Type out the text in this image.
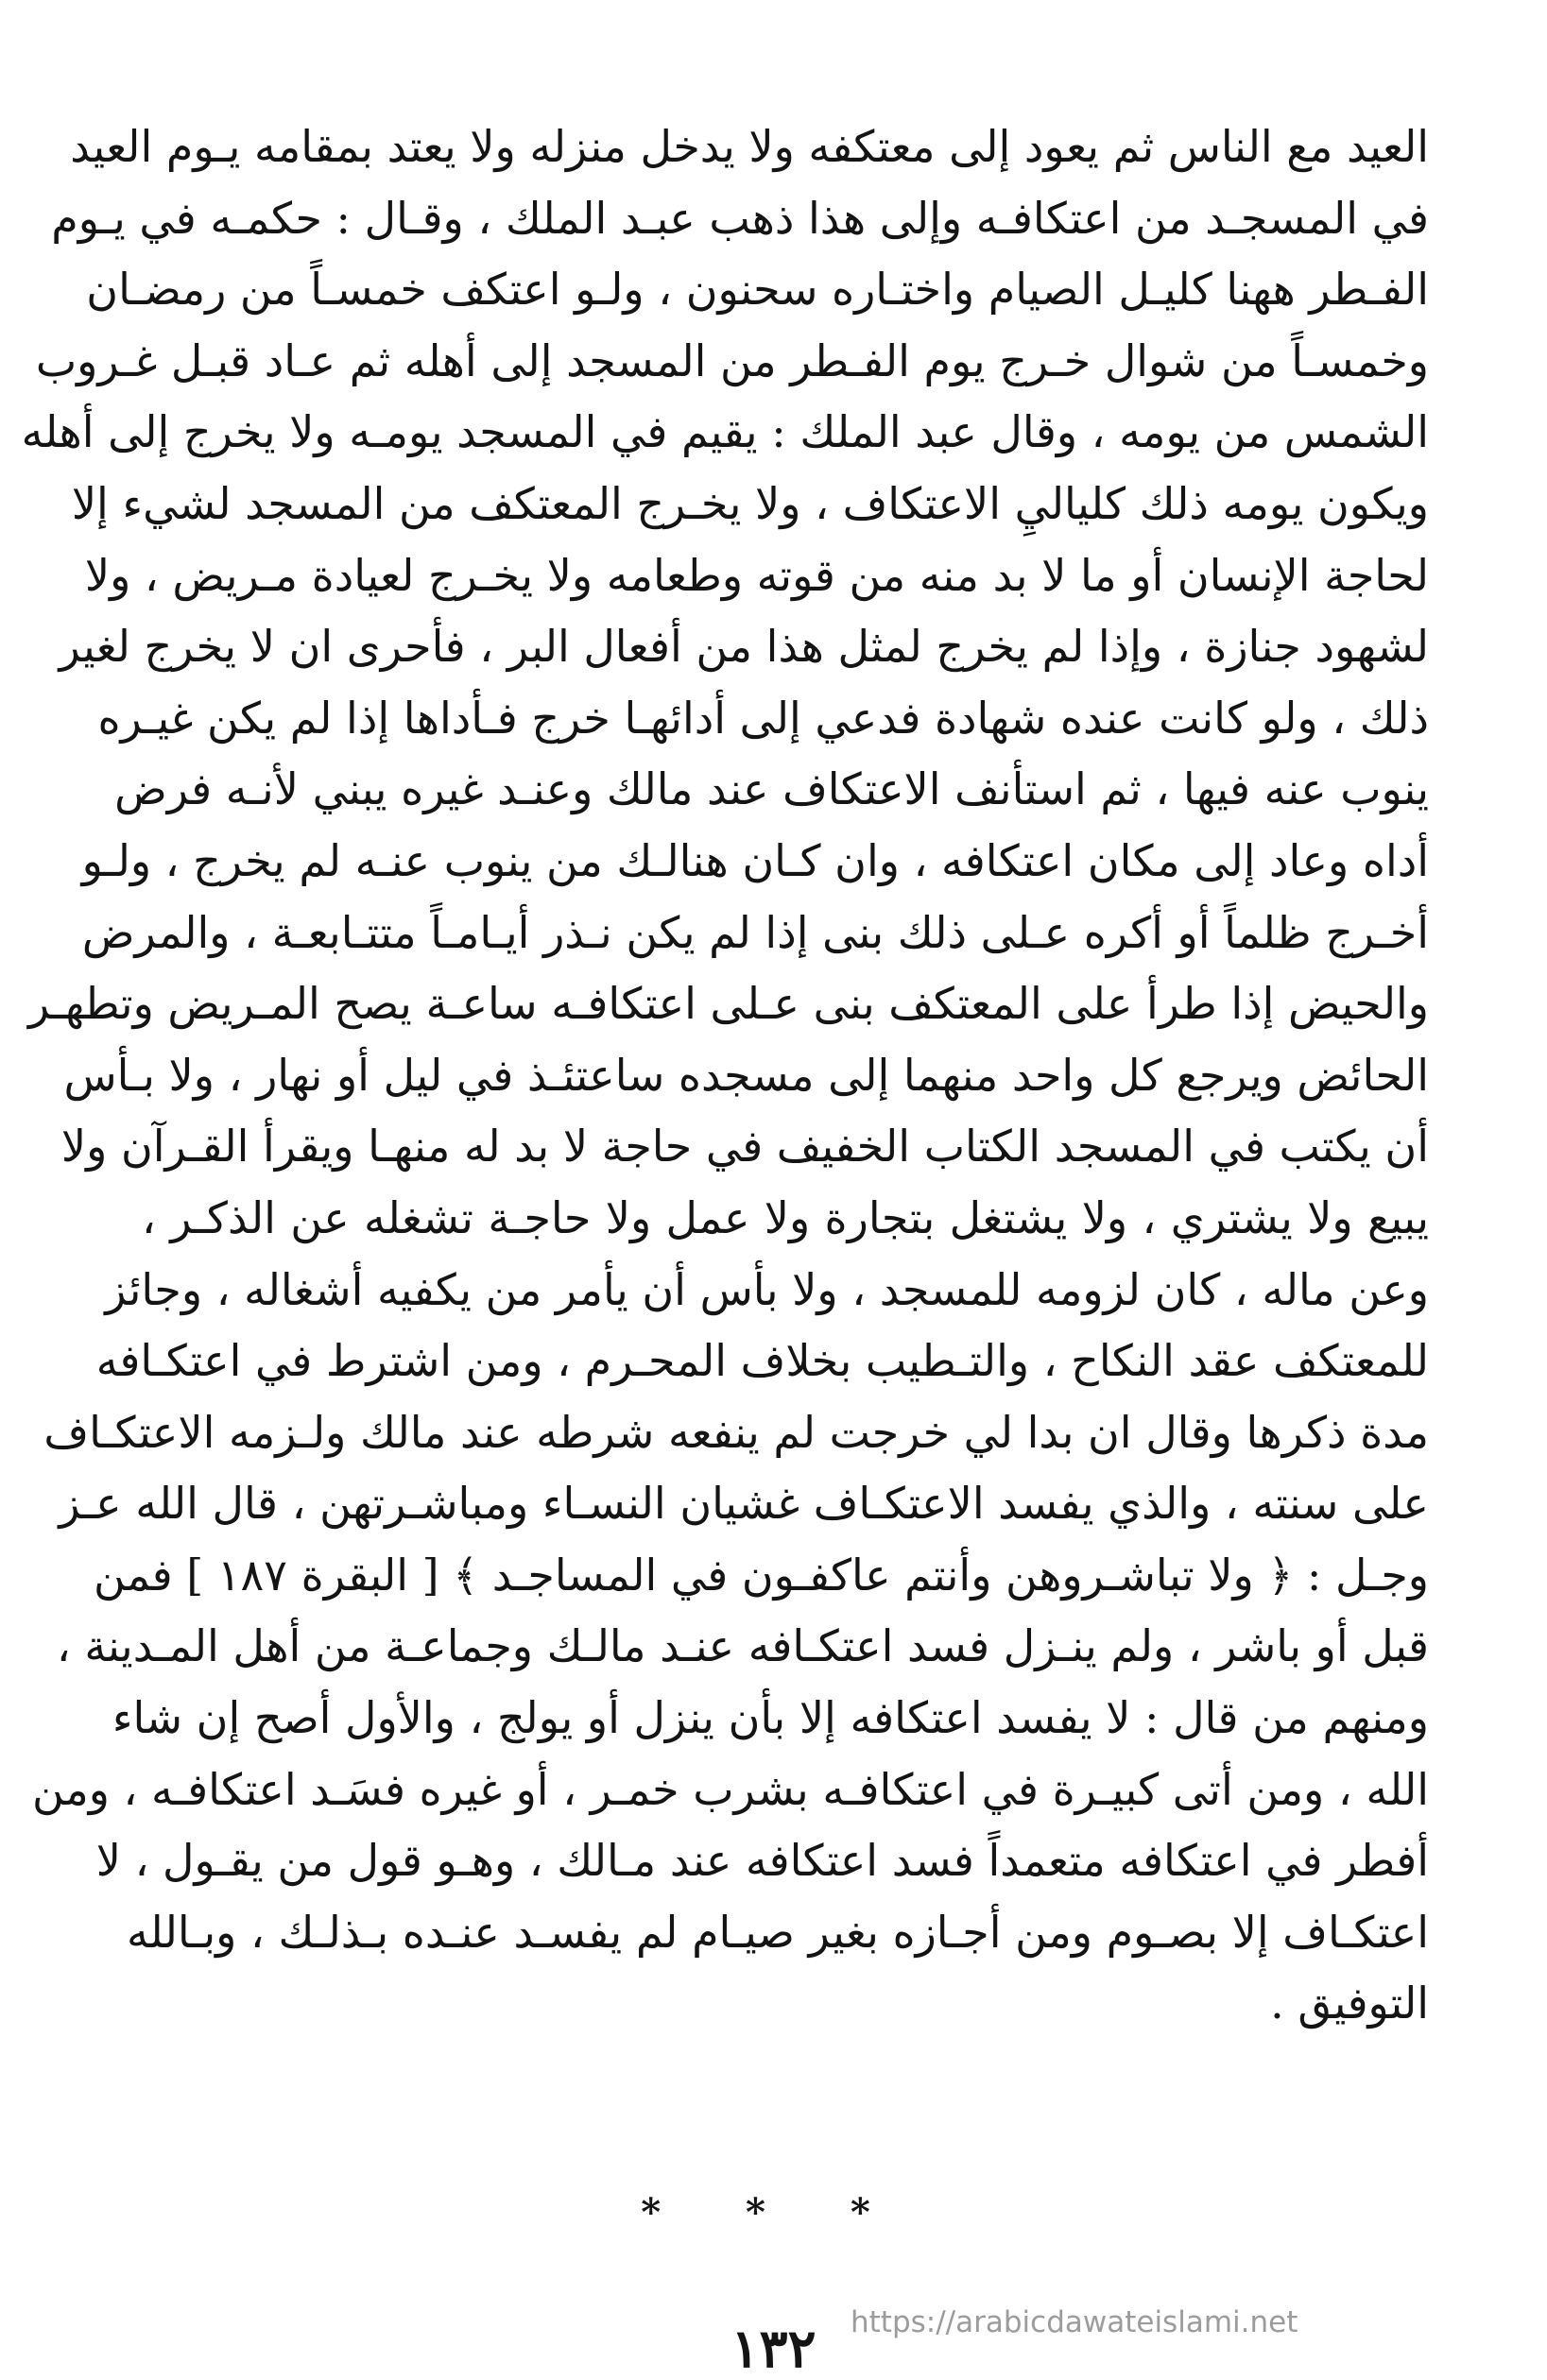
العيد مع الناس ثم يعود إلى معتكفه ولا يدخل منزله ولا يعتد بمقامه يـوم العيد
في المسجـد من اعتكافـه وإلى هذا ذهب عبـد الملك ، وقـال : حكمـه في يـوم
الفـطر ههنا كليـل الصيام واختـاره سحنون ، ولـو اعتكف خمسـاً من رمضـان
وخمسـاً من شوال خـرج يوم الفـطر من المسجد إلى أهله ثم عـاد قبـل غـروب
الشمس من يومه ، وقال عبد الملك : يقيم في المسجد يومـه ولا يخرج إلى أهله
ويكون يومه ذلك كلياليِ الاعتكاف ، ولا يخـرج المعتكف من المسجد لشيء إلا
لحاجة الإنسان أو ما لا بد منه من قوته وطعامه ولا يخـرج لعيادة مـريض ، ولا
لشهود جنازة ، وإذا لم يخرج لمثل هذا من أفعال البر ، فأحرى ان لا يخرج لغير
ذلك ، ولو كانت عنده شهادة فدعي إلى أدائهـا خرج فـأداها إذا لم يكن غيـره
ينوب عنه فيها ، ثم استأنف الاعتكاف عند مالك وعنـد غيره يبني لأنـه فرض
أداه وعاد إلى مكان اعتكافه ، وان كـان هنالـك من ينوب عنـه لم يخرج ، ولـو
أخـرج ظلماً أو أكره عـلى ذلك بنى إذا لم يكن نـذر أيـامـاً متتـابعـة ، والمرض
والحيض إذا طرأ على المعتكف بنى عـلى اعتكافـه ساعـة يصح المـريض وتطهـر
الحائض ويرجع كل واحد منهما إلى مسجده ساعتئـذ في ليل أو نهار ، ولا بـأس
أن يكتب في المسجد الكتاب الخفيف في حاجة لا بد له منهـا ويقرأ القـرآن ولا
يبيع ولا يشتري ، ولا يشتغل بتجارة ولا عمل ولا حاجـة تشغله عن الذكـر ،
وعن ماله ، كان لزومه للمسجد ، ولا بأس أن يأمر من يكفيه أشغاله ، وجائز
للمعتكف عقد النكاح ، والتـطيب بخلاف المحـرم ، ومن اشترط في اعتكـافه
مدة ذكرها وقال ان بدا لي خرجت لم ينفعه شرطه عند مالك ولـزمه الاعتكـاف
على سنته ، والذي يفسد الاعتكـاف غشيان النسـاء ومباشـرتهن ، قال الله عـز
وجـل : ﴿ ولا تباشـروهن وأنتم عاكفـون في المساجـد ﴾ [ البقرة ١٨٧ ] فمن
قبل أو باشر ، ولم ينـزل فسد اعتكـافه عنـد مالـك وجماعـة من أهل المـدينة ،
ومنهم من قال : لا يفسد اعتكافه إلا بأن ينزل أو يولج ، والأول أصح إن شاء
الله ، ومن أتى كبيـرة في اعتكافـه بشرب خمـر ، أو غيره فسَـد اعتكافـه ، ومن
أفطر في اعتكافه متعمداً فسد اعتكافه عند مـالك ، وهـو قول من يقـول ، لا
اعتكـاف إلا بصـوم ومن أجـازه بغير صيـام لم يفسـد عنـده بـذلـك ، وبـالله
التوفيق .
* * *
https://arabicdawateislami.net
١٣٢
